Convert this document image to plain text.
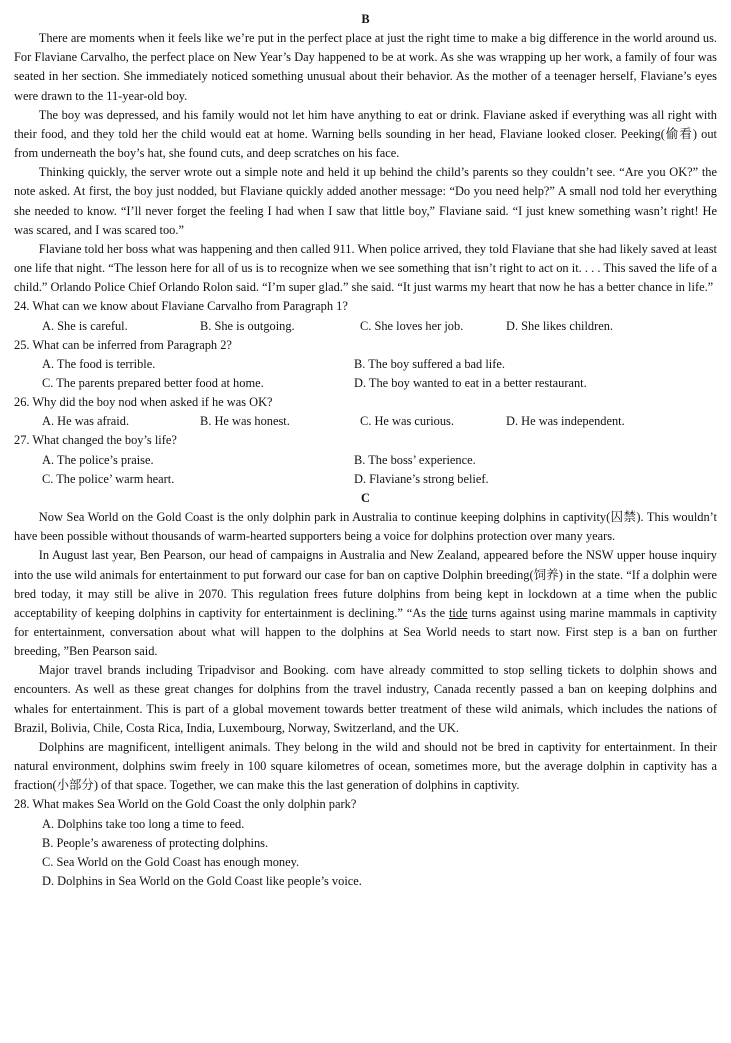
B

There are moments when it feels like we’re put in the perfect place at just the right time to make a big difference in the world around us. For Flaviane Carvalho, the perfect place on New Year’s Day happened to be at work. As she was wrapping up her work, a family of four was seated in her section. She immediately noticed something unusual about their behavior. As the mother of a teenager herself, Flaviane’s eyes were drawn to the 11-year-old boy.

The boy was depressed, and his family would not let him have anything to eat or drink. Flaviane asked if everything was all right with their food, and they told her the child would eat at home. Warning bells sounding in her head, Flaviane looked closer. Peeking(偷看) out from underneath the boy’s hat, she found cuts, and deep scratches on his face.

Thinking quickly, the server wrote out a simple note and held it up behind the child’s parents so they couldn’t see. “Are you OK?” the note asked. At first, the boy just nodded, but Flaviane quickly added another message: “Do you need help?” A small nod told her everything she needed to know. “I’ll never forget the feeling I had when I saw that little boy,” Flaviane said. “I just knew something wasn’t right! He was scared, and I was scared too.”

Flaviane told her boss what was happening and then called 911. When police arrived, they told Flaviane that she had likely saved at least one life that night. “The lesson here for all of us is to recognize when we see something that isn’t right to act on it. . . . This saved the life of a child.” Orlando Police Chief Orlando Rolon said. “I’m super glad.” she said. “It just warms my heart that now he has a better chance in life.”

24. What can we know about Flaviane Carvalho from Paragraph 1?
A. She is careful.	B. She is outgoing.	C. She loves her job.	D. She likes children.
25. What can be inferred from Paragraph 2?
A. The food is terrible.	B. The boy suffered a bad life.
C. The parents prepared better food at home.	D. The boy wanted to eat in a better restaurant.
26. Why did the boy nod when asked if he was OK?
A. He was afraid.	B. He was honest.	C. He was curious.	D. He was independent.
27. What changed the boy’s life?
A. The police’s praise.	B. The boss’ experience.
C. The police’ warm heart.	D. Flaviane’s strong belief.
C

Now Sea World on the Gold Coast is the only dolphin park in Australia to continue keeping dolphins in captivity(囚禁). This wouldn’t have been possible without thousands of warm-hearted supporters being a voice for dolphins protection over many years.

In August last year, Ben Pearson, our head of campaigns in Australia and New Zealand, appeared before the NSW upper house inquiry into the use wild animals for entertainment to put forward our case for ban on captive Dolphin breeding(饲养) in the state. “If a dolphin were bred today, it may still be alive in 2070. This regulation frees future dolphins from being kept in lockdown at a time when the public acceptability of keeping dolphins in captivity for entertainment is declining.” “As the tide turns against using marine mammals in captivity for entertainment, conversation about what will happen to the dolphins at Sea World needs to start now. First step is a ban on further breeding, ”Ben Pearson said.

Major travel brands including Tripadvisor and Booking. com have already committed to stop selling tickets to dolphin shows and encounters. As well as these great changes for dolphins from the travel industry, Canada recently passed a ban on keeping dolphins and whales for entertainment. This is part of a global movement towards better treatment of these wild animals, which includes the nations of Brazil, Bolivia, Chile, Costa Rica, India, Luxembourg, Norway, Switzerland, and the UK.

Dolphins are magnificent, intelligent animals. They belong in the wild and should not be bred in captivity for entertainment. In their natural environment, dolphins swim freely in 100 square kilometres of ocean, sometimes more, but the average dolphin in captivity has a fraction(小部分) of that space. Together, we can make this the last generation of dolphins in captivity.

28. What makes Sea World on the Gold Coast the only dolphin park?
A. Dolphins take too long a time to feed.
B. People’s awareness of protecting dolphins.
C. Sea World on the Gold Coast has enough money.
D. Dolphins in Sea World on the Gold Coast like people’s voice.
